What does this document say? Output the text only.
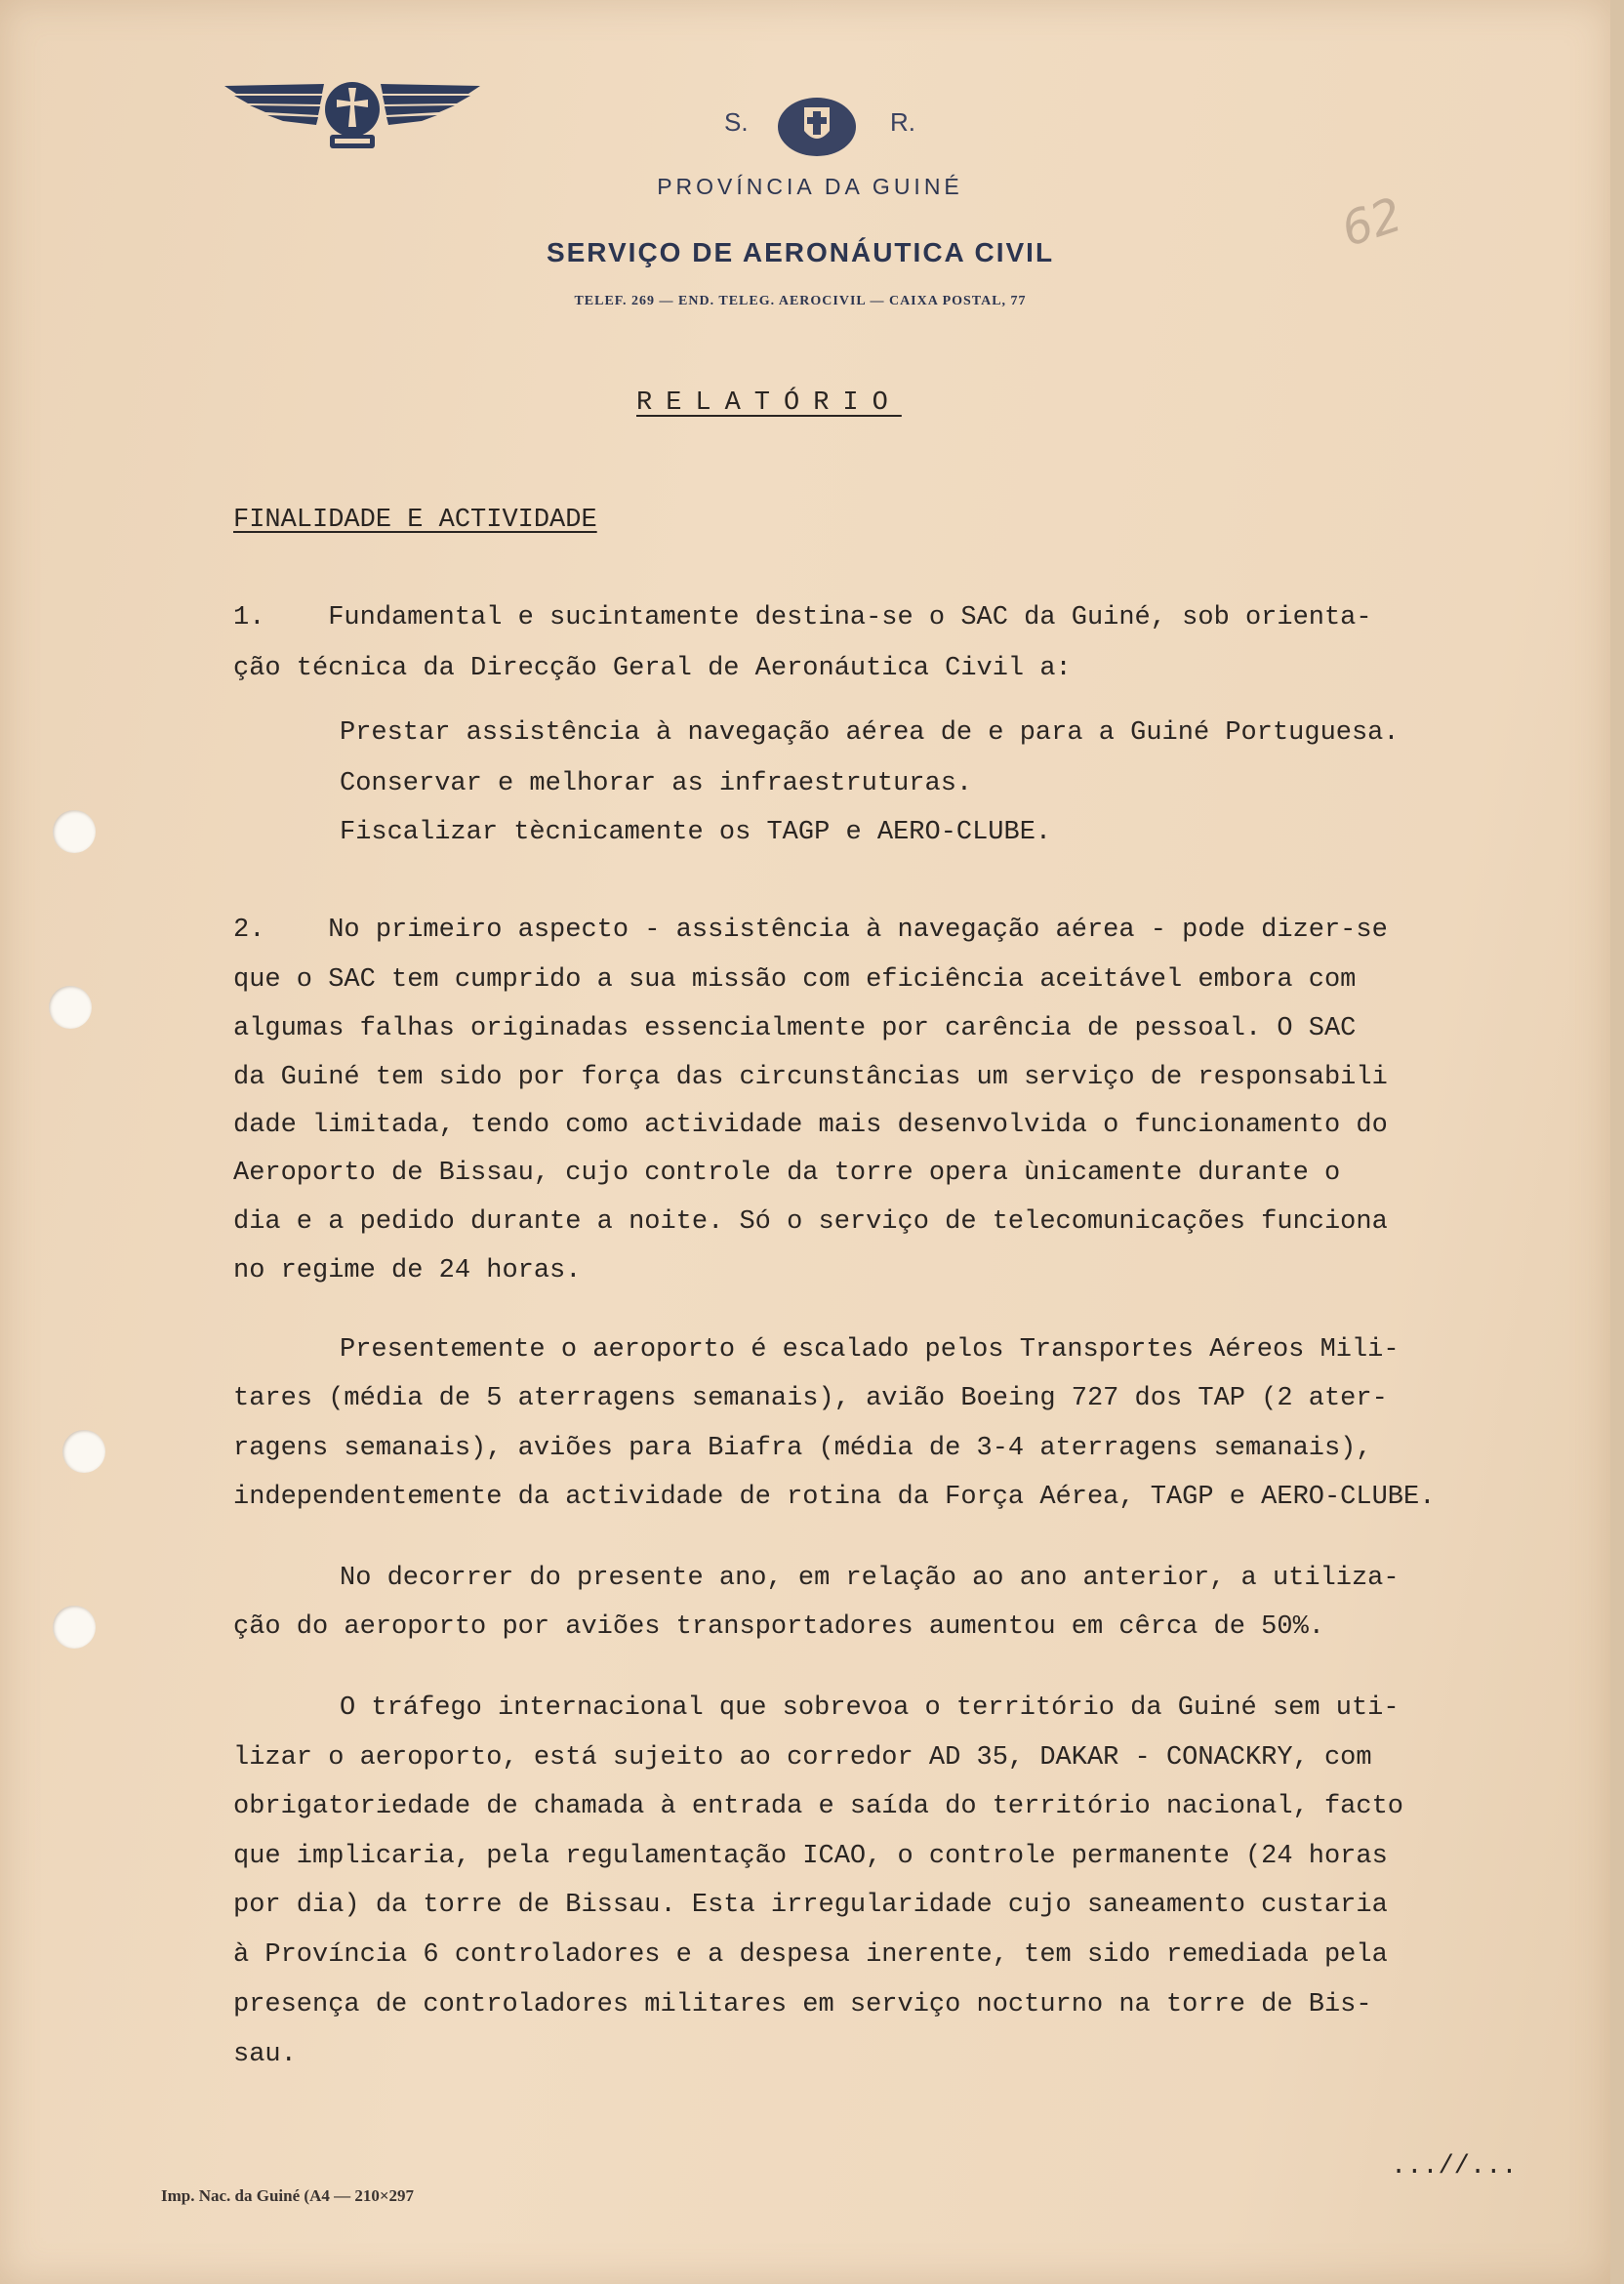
S.	R.
PROVÍNCIA DA GUINÉ
SERVIÇO DE AERONÁUTICA CIVIL
TELEF. 269 — END. TELEG. AEROCIVIL — CAIXA POSTAL, 77
62
RELATÓRIO
FINALIDADE E ACTIVIDADE
1.    Fundamental e sucintamente destina-se o SAC da Guiné, sob orienta-
ção técnica da Direcção Geral de Aeronáutica Civil a:
Prestar assistência à navegação aérea de e para a Guiné Portuguesa.
Conservar e melhorar as infraestruturas.
Fiscalizar tècnicamente os TAGP e AERO-CLUBE.
2.    No primeiro aspecto - assistência à navegação aérea - pode dizer-se
que o SAC tem cumprido a sua missão com eficiência aceitável embora com
algumas falhas originadas essencialmente por carência de pessoal. O SAC
da Guiné tem sido por força das circunstâncias um serviço de responsabili
dade limitada, tendo como actividade mais desenvolvida o funcionamento do
Aeroporto de Bissau, cujo controle da torre opera ùnicamente durante o
dia e a pedido durante a noite. Só o serviço de telecomunicações funciona
no regime de 24 horas.
Presentemente o aeroporto é escalado pelos Transportes Aéreos Mili-
tares (média de 5 aterragens semanais), avião Boeing 727 dos TAP (2 ater-
ragens semanais), aviões para Biafra (média de 3-4 aterragens semanais),
independentemente da actividade de rotina da Força Aérea, TAGP e AERO-CLUBE.
No decorrer do presente ano, em relação ao ano anterior, a utiliza-
ção do aeroporto por aviões transportadores aumentou em cêrca de 50%.
O tráfego internacional que sobrevoa o território da Guiné sem uti-
lizar o aeroporto, está sujeito ao corredor AD 35, DAKAR - CONACKRY, com
obrigatoriedade de chamada à entrada e saída do território nacional, facto
que implicaria, pela regulamentação ICAO, o controle permanente (24 horas
por dia) da torre de Bissau. Esta irregularidade cujo saneamento custaria
à Província 6 controladores e a despesa inerente, tem sido remediada pela
presença de controladores militares em serviço nocturno na torre de Bis-
sau.
...//...
Imp. Nac. da Guiné (A4 — 210×297
